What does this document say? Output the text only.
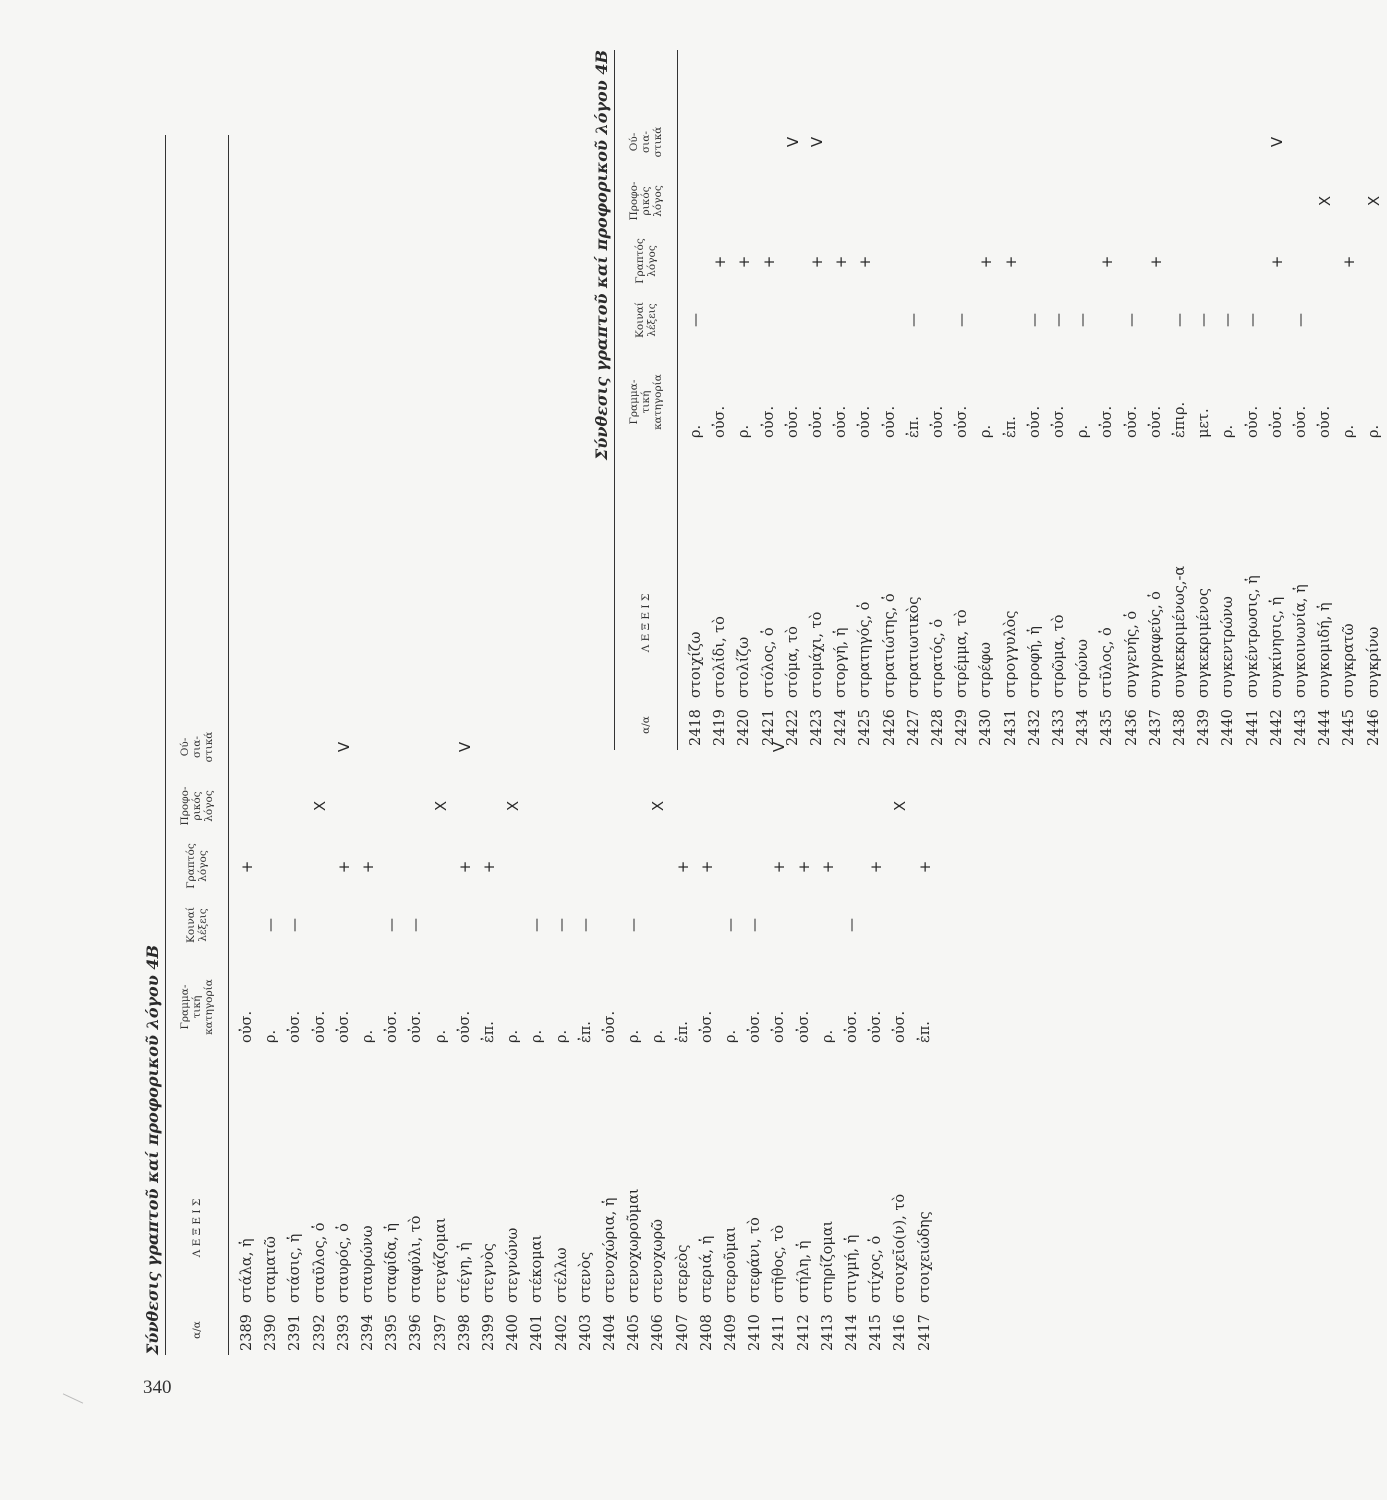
340
Σύνθεσις γραπτοῦ καί προφορικοῦ λόγου 4Β	α/α
Λ Ε Ξ Ε Ι Σ
Γραμμα-
τική
κατηγορία
Κοιναί
λέξεις
Γραπτός
λόγος
Προφο-
ρικός
λόγος
Ού-
σια-
στικά
2389
στάλα, ἡ
οὐσ.
+
2390
σταματῶ
ρ.
—
2391
στάσις, ἡ
οὐσ.
—
2392
σταῦλος, ὁ
οὐσ.
X
2393
σταυρός, ὁ
οὐσ.
+
V
2394
σταυρώνω
ρ.
+
2395
σταφίδα, ἡ
οὐσ.
—
2396
σταφύλι, τὸ
οὐσ.
—
2397
στεγάζομαι
ρ.
X
2398
στέγη, ἡ
οὐσ.
+
V
2399
στεγνὸς
ἐπ.
+
2400
στεγνώνω
ρ.
X
2401
στέκομαι
ρ.
—
2402
στέλλω
ρ.
—
2403
στενὸς
ἐπ.
—
2404
στενοχώρια, ἡ
οὐσ.
2405
στενοχωροῦμαι
ρ.
—
2406
στενοχωρῶ
ρ.
X
2407
στερεὸς
ἐπ.
+
2408
στεριά, ἡ
οὐσ.
+
2409
στεροῦμαι
ρ.
—
2410
στεφάνι, τὸ
οὐσ.
—
2411
στῆθος, τὸ
οὐσ.
+
V
2412
στήλη, ἡ
οὐσ.
+
2413
στηρίζομαι
ρ.
+
2414
στιγμή, ἡ
οὐσ.
—
2415
στίχος, ὁ
οὐσ.
+
2416
στοιχεῖο(ν), τὸ
οὐσ.
X
2417
στοιχειώδης
ἐπ.
+
Σύνθεσις γραπτοῦ καί προφορικοῦ λόγου 4Β
α/α
Λ Ε Ξ Ε Ι Σ
Γραμμα-
τική
κατηγορία
Κοιναί
λέξεις
Γραπτός
λόγος
Προφο-
ρικός
λόγος
Ού-
σια-
στικά
2418
στοιχίζω
ρ.
—
2419
στολίδι, τὸ
οὐσ.
+
2420
στολίζω
ρ.
+
2421
στόλος, ὁ
οὐσ.
+
2422
στόμα, τὸ
οὐσ.
V
2423
στομάχι, τὸ
οὐσ.
+
V
2424
στοργή, ἡ
οὐσ.
+
2425
στρατηγός, ὁ
οὐσ.
+
2426
στρατιώτης, ὁ
οὐσ.
2427
στρατιωτικὸς
ἐπ.
—
2428
στρατός, ὁ
οὐσ.
2429
στρέμμα, τὸ
οὐσ.
—
2430
στρέφω
ρ.
+
2431
στρογγυλὸς
ἐπ.
+
2432
στροφή, ἡ
οὐσ.
—
2433
στρῶμα, τὸ
οὐσ.
—
2434
στρώνω
ρ.
—
2435
στῦλος, ὁ
οὐσ.
+
2436
συγγενής, ὁ
οὐσ.
—
2437
συγγραφεύς, ὁ
οὐσ.
+
2438
συγκεκριμένως,-α
ἐπιρ.
—
2439
συγκεκριμένος
μετ.
—
2440
συγκεντρώνω
ρ.
—
2441
συγκέντρωσις, ἡ
οὐσ.
—
2442
συγκίνησις, ἡ
οὐσ.
+
V
2443
συγκοινωνία, ἡ
οὐσ.
—
2444
συγκομιδή, ἡ
οὐσ.
X
2445
συγκρατῶ
ρ.
+
2446
συγκρίνω
ρ.
X
